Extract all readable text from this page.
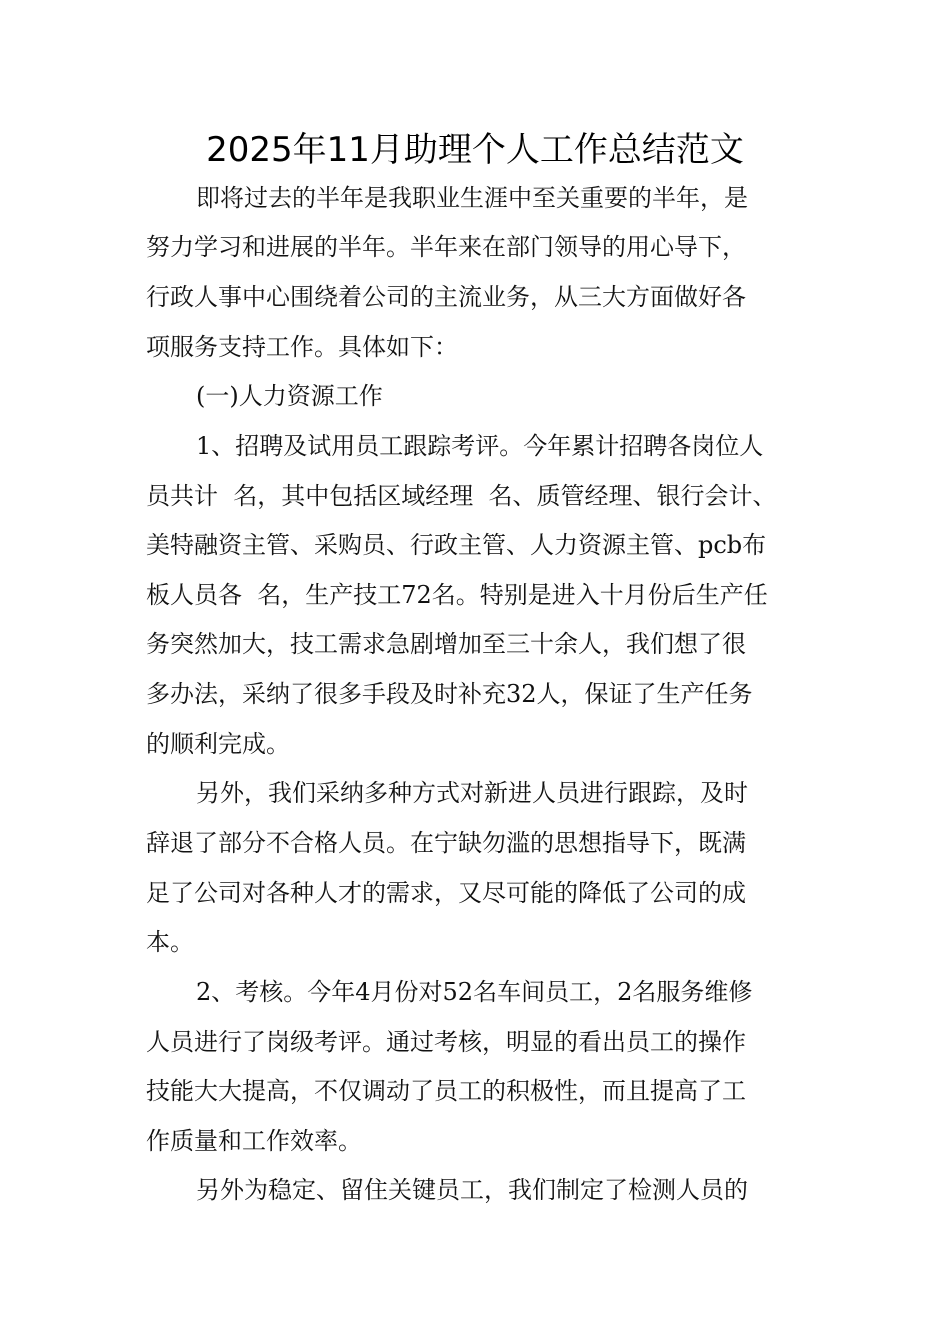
2025年11月助理个人工作总结范文

即将过去的半年是我职业生涯中至关重要的半年，是

努力学习和进展的半年。半年来在部门领导的用心导下，

行政人事中心围绕着公司的主流业务，从三大方面做好各

项服务支持工作。具体如下：

(一)人力资源工作

1、招聘及试用员工跟踪考评。今年累计招聘各岗位人

员共计  名，其中包括区域经理  名、质管经理、银行会计、

美特融资主管、采购员、行政主管、人力资源主管、pcb布

板人员各  名，生产技工72名。特别是进入十月份后生产任

务突然加大，技工需求急剧增加至三十余人，我们想了很

多办法，采纳了很多手段及时补充32人，保证了生产任务

的顺利完成。

另外，我们采纳多种方式对新进人员进行跟踪，及时

辞退了部分不合格人员。在宁缺勿滥的思想指导下，既满

足了公司对各种人才的需求，又尽可能的降低了公司的成

本。

2、考核。今年4月份对52名车间员工，2名服务维修

人员进行了岗级考评。通过考核，明显的看出员工的操作

技能大大提高，不仅调动了员工的积极性，而且提高了工

作质量和工作效率。

另外为稳定、留住关键员工，我们制定了检测人员的
